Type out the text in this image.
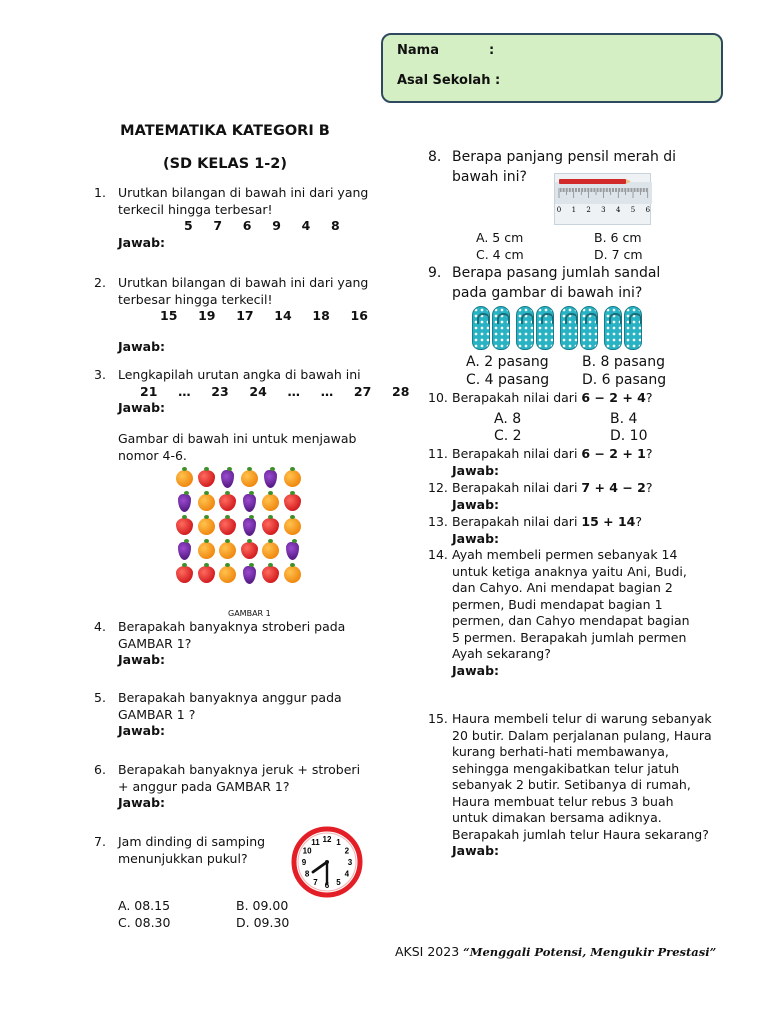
Nama	:
Asal Sekolah :
MATEMATIKA KATEGORI B
(SD KELAS 1-2)
1. Urutkan bilangan di bawah ini dari yang terkecil hingga terbesar!
5  7  6  9  4  8
Jawab:
2. Urutkan bilangan di bawah ini dari yang terbesar hingga terkecil!
15  19  17  14  18  16
Jawab:
3. Lengkapilah urutan angka di bawah ini
21  …  23  24  …  …  27  28
Jawab:
Gambar di bawah ini untuk menjawab nomor 4-6.
GAMBAR 1
4. Berapakah banyaknya stroberi pada GAMBAR 1?
Jawab:
5. Berapakah banyaknya anggur pada GAMBAR 1 ?
Jawab:
6. Berapakah banyaknya jeruk + stroberi + anggur pada GAMBAR 1?
Jawab:
7. Jam dinding di samping menunjukkan pukul?
12 1
2
3
4
5
6
7
8
9
10
11
A. 08.15	B. 09.00
C. 08.30	D. 09.30
8. Berapa panjang pensil merah di bawah ini?
0 1 2 3 4 5 6
A. 5 cm	B. 6 cm
C. 4 cm	D. 7 cm
9. Berapa pasang jumlah sandal pada gambar di bawah ini?
A. 2 pasang	B. 8 pasang
C. 4 pasang	D. 6 pasang
10. Berapakah nilai dari 6 − 2 + 4?
A. 8	B. 4
C. 2	D. 10
11. Berapakah nilai dari 6 − 2 + 1?
Jawab:
12. Berapakah nilai dari 7 + 4 − 2?
Jawab:
13. Berapakah nilai dari 15 + 14?
Jawab:
14. Ayah membeli permen sebanyak 14 untuk ketiga anaknya yaitu Ani, Budi, dan Cahyo. Ani mendapat bagian 2 permen, Budi mendapat bagian 1 permen, dan Cahyo mendapat bagian 5 permen. Berapakah jumlah permen Ayah sekarang?
Jawab:
15. Haura membeli telur di warung sebanyak 20 butir. Dalam perjalanan pulang, Haura kurang berhati-hati membawanya, sehingga mengakibatkan telur jatuh sebanyak 2 butir. Setibanya di rumah, Haura membuat telur rebus 3 buah untuk dimakan bersama adiknya. Berapakah jumlah telur Haura sekarang?
Jawab:
AKSI 2023 “Menggali Potensi, Mengukir Prestasi”
